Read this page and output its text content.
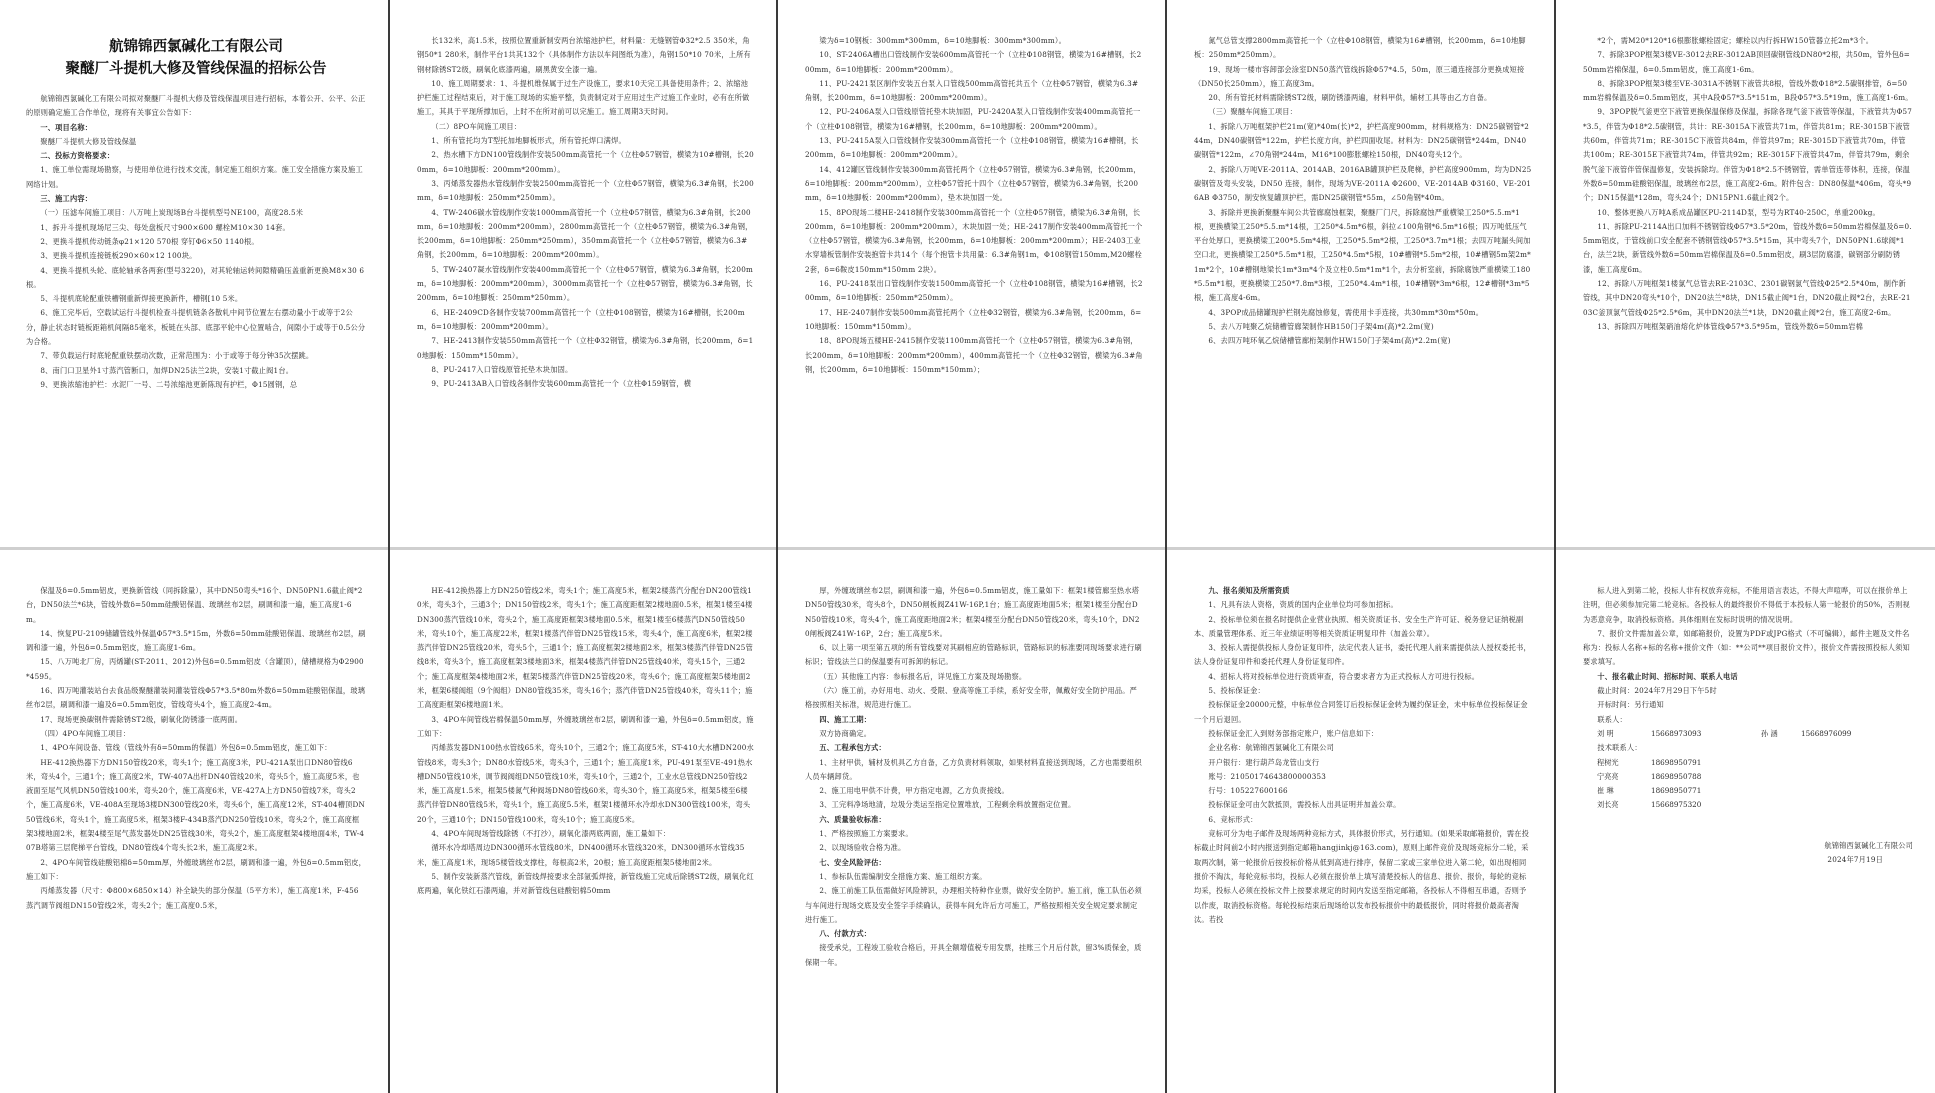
航锦锦西氯碱化工有限公司
聚醚厂斗提机大修及管线保温的招标公告

航锦锦西氯碱化工有限公司拟对聚醚厂斗提机大修及管线保温项目进行招标，本着公开、公平、公正的原则确定施工合作单位，现将有关事宜公告如下：

一、项目名称：

聚醚厂斗提机大修及管线保温

二、投标方资格要求：

1、施工单位需现场勘察，与使用单位进行技术交流，制定施工组织方案。施工安全措施方案及施工网络计划。

三、施工内容：

（一）压滤车间施工项目：八万吨上炭现场B台斗提机型号NE100，高度28.5米

1、拆升斗提机现场尼三尖、每处盘板尺寸900×600 螺栓M10×30 14套。

2、更换斗提机传动链条φ21×120 570根 穿钉Φ6×50 1140根。

3、更换斗提机连接链板290×60×12 100块。

4、更换斗提机头轮、底轮轴承各两套(型号3220)，对其轮轴运转间隙精确压盖重新更换M8×30 6根。

5、斗提机底轮配重铁槽钢重新焊接更换新件，槽钢[10 5米。

6、施工完毕后，空载试运行斗提机检查斗提机链条各散轧中间节位置左右摆动量小于或等于2公分，静止状态时链板距箱机间隔85毫米，板链在头部、底部平轮中心位置啮合，间隙小于或等于0.5公分为合格。

7、带负载运行时底轮配重铁摆动次数，正常范围为：小于或等于每分钟35次摆跳。

8、南门口卫星外1寸蒸汽管断口，加焊DN25法兰2块，安装1寸截止阀1台。

9、更换浓缩池护栏：水泥厂一号、二号浓缩池更新陈现有护栏，Φ15圆钢，总

长132米，高1.5米，按照位置重新制安两台浓缩池护栏，材料量：无缝钢管Φ32*2.5 350米，角钢50*1 280米，制作平台1共其132个（具体制作方法以车间图纸为准），角钢150*10 70米，上所有钢材除锈ST2级，刷氧化底漆两遍，刷黑黄安全漆一遍。

10、施工周期要求：1、斗提机维保属于过生产设施工，要求10天完工具备使用条件；2、浓缩池护栏施工过程结束后，对于施工现场的实施平整，负责制定对于应用过生产过施工作业时，必有在所做施工，其具于平现所撑加后，上时不在所对前可以完施工。施工周期3天时间。

（二）8PO车间施工项目：

1、所有管托均为T型托加地脚板形式，所有管托焊口满焊。

2、热水槽下方DN100管线制作安装500mm高管托一个（立柱Φ57钢管，横梁为10#槽钢，长200mm，δ=10地脚板：200mm*200mm）。

3、丙烯蒸发器热水管线制作安装2500mm高管托一个（立柱Φ57钢管，横梁为6.3#角钢，长200mm，δ=10地脚板：250mm*250mm）。

4、TW-2406碳水管线制作安装1000mm高管托一个（立柱Φ57钢管，横梁为6.3#角钢，长200mm，δ=10地脚板：200mm*200mm），2800mm高管托一个（立柱Φ57钢管，横梁为6.3#角钢，长200mm，δ=10地脚板：250mm*250mm），350mm高管托一个（立柱Φ57钢管，横梁为6.3#角钢，长200mm，δ=10地脚板：200mm*200mm）。

5、TW-2407凝水管线制作安装400mm高管托一个（立柱Φ57钢管，横梁为6.3#角钢，长200mm，δ=10地脚板：200mm*200mm），3000mm高管托一个（立柱Φ57钢管，横梁为6.3#角钢，长200mm，δ=10地脚板：250mm*250mm）。

6、HE-2409CD各制作安装700mm高管托一个（立柱Φ108钢管，横梁为16#槽钢，长200mm，δ=10地脚板：200mm*200mm）。

7、HE-2413制作安装550mm高管托一个（立柱Φ32钢管，横梁为6.3#角钢，长200mm，δ=10地脚板：150mm*150mm）。

8、PU-2417入口管线原管托垫木块加固。

9、PU-2413AB入口管线各制作安装600mm高管托一个（立柱Φ159钢管，横

梁为δ=10钢板：300mm*300mm，δ=10地脚板：300mm*300mm）。

10、ST-2406A槽出口管线制作安装600mm高管托一个（立柱Φ108钢管，横梁为16#槽钢，长200mm，δ=10地脚板：200mm*200mm）。

11、PU-2421泵区制作安装五台泵入口管线500mm高管托共五个（立柱Φ57钢管，横梁为6.3#角钢，长200mm，δ=10地脚板：200mm*200mm）。

12、PU-2406A泵入口管线原管托垫木块加固，PU-2420A泵入口管线制作安装400mm高管托一个（立柱Φ108钢管，横梁为16#槽钢，长200mm，δ=10地脚板：200mm*200mm）。

13、PU-2415A泵入口管线制作安装300mm高管托一个（立柱Φ108钢管，横梁为16#槽钢，长200mm，δ=10地脚板：200mm*200mm）。

14、412罐区管线制作安装300mm高管托两个（立柱Φ57钢管，横梁为6.3#角钢，长200mm，δ=10地脚板：200mm*200mm），立柱Φ57管托十四个（立柱Φ57钢管，横梁为6.3#角钢，长200mm，δ=10地脚板：200mm*200mm），垫木块加固一处。

15、8PO现场二楼HE-2418制作安装300mm高管托一个（立柱Φ57钢管，横梁为6.3#角钢，长200mm，δ=10地脚板：200mm*200mm），木块加固一处；HE-2417制作安装400mm高管托一个（立柱Φ57钢管，横梁为6.3#角钢，长200mm，δ=10地脚板：200mm*200mm）；HE-2403工业水穿墙板管制作安装抱管卡共14个（每个抱管卡共用量：6.3#角钢1m，Φ108钢管150mm,M20螺栓2套，δ=6鞍皮150mm*150mm 2块）。

16、PU-2418泵出口管线制作安装1500mm高管托一个（立柱Φ108钢管，横梁为16#槽钢，长200mm，δ=10地脚板：250mm*250mm）。

17、HE-2407制作安装500mm高管托两个（立柱Φ32钢管，横梁为6.3#角钢，长200mm，δ=10地脚板：150mm*150mm）。

18、8PO现场五楼HE-2415制作安装1100mm高管托一个（立柱Φ57钢管，横梁为6.3#角钢，长200mm，δ=10地脚板：200mm*200mm），400mm高管托一个（立柱Φ32钢管，横梁为6.3#角钢，长200mm，δ=10地脚板：150mm*150mm）；

氮气总管支撑2800mm高管托一个（立柱Φ108钢管，横梁为16#槽钢，长200mm，δ=10地脚板：250mm*250mm）。

19、现场一楼市容卸部会涂室DN50蒸汽管线拆除Φ57*4.5，50m，原三通连接部分更换成短接（DN50长250mm），施工高度3m。

20、所有管托材料需除锈ST2级，刷防锈漆两遍，材料甲供，辅材工具等由乙方自备。

（三）聚醚车间施工项目：

1、拆除八万吨框架护栏21m(宽)*40m(长)*2，护栏高度900mm，材料规格为：DN25碳钢管*244m，DN40碳钢管*122m，护栏长度方向，护栏四面收尾。材料为：DN25碳钢管*244m，DN40碳钢管*122m，∠70角钢*244m，M16*100膨胀螺栓150根，DN40弯头12个。

2、拆除八万吨VE-2011A、2014AB、2016AB罐顶护栏及爬梯，护栏高度900mm，均为DN25碳钢管及弯头安装，DN50 连接，制作，现场为VE-2011A Φ2600、VE-2014AB Φ3160、VE-2016AB Φ3750，制安恢复罐顶护栏，需DN25碳钢管*55m，∠50角钢*40m。

3、拆除并更换新聚醚车间公共管廊腐蚀框架，聚醚厂门尺，拆除腐蚀严重横梁工250*5.5.m*1根，更换横梁工250*5.5.m*14根，工250*4.5m*6根，斜拉∠100角钢*6.5m*16根；四万吨低压气平台处厚口，更换横梁工200*5.5m*4根，工250*5.5m*2根，工250*3.7m*1根；去四万吨漏头间加空口北，更换横梁工250*5.5m*1根，工250*4.5m*5根，10#槽钢*5.5m*2根，10#槽钢5m架2m*1m*2个，10#槽钢地梁长1m*3m*4个及立柱0.5m*1m*1个，去分析室前，拆除腐蚀严重横梁工180*5.5m*1根，更换横梁工250*7.8m*3根，工250*4.4m*1根，10#槽钢*3m*6根，12#槽钢*3m*5根，施工高度4-6m。

4、3POP成品储罐现护栏钢先腐蚀修复，需使用卡手连接，共30mm*30m*50m。

5、去八万吨聚乙烷储槽管廊架制作HB150门子架4m(高)*2.2m(宽)

6、去四万吨环氧乙烷储槽管廊桁架制作HW150门子架4m(高)*2.2m(宽)

*2个，需M20*120*16根膨胀螺栓固定；螺栓以内行拆HW150管器立托2m*3个。

7、拆除3POP框架3楼VE-3012去RE-3012AB顶回碳钢管线DN80*2根，共50m，管外包δ=50mm岩棉保温，δ=0.5mm铝皮，施工高度1-6m。

8、拆除3POP框架3楼至VE-3031A不锈钢下液管共8根，管线外数Φ18*2.5碳钢排管，δ=50mm岩棉保温及δ=0.5mm铝皮，其中A段Φ57*3.5*151m，B段Φ57*3.5*19m，施工高度1-6m。

9、3POP脱气釜更空下液管更换保温保修及保温，拆除各现气釜下液管等保温，下液管共为Φ57*3.5，伴管为Φ18*2.5碳钢管，共计：RE-3015A下液管共71m，伴管共81m；RE-3015B下液管共60m，伴管共71m；RE-3015C下液管共84m，伴管共97m；RE-3015D下液管共70m，伴管共100m；RE-3015E下液管共74m，伴管共92m；RE-3015F下液管共47m，伴管共79m，剩余脱气釜下液管伴管保温修复，安装拆除均。伴管为Φ18*2.5不锈钢管，需单管连带体积，连接，保温外数δ=50mm硅酸铝保温，玻璃丝布2层，施工高度2-6m。附件包含：DN80保温*406m，弯头*9个；DN15保温*128m，弯头24个；DN15PN1.6截止阀2个。

10、整体更换八万吨A系成品罐区PU-2114D泵，型号为RT40-250C，单重200kg。

11、拆除PU-2114A出口加料不锈钢管线Φ57*3.5*20m，管线外数δ=50mm岩棉保温及δ=0.5mm铝皮，于管线前口安全配套不锈钢管线Φ57*3.5*15m，其中弯头7个，DN50PN1.6球阀*1台，法兰2块，新管线外数δ=50mm岩棉保温及δ=0.5mm铝皮，刷3层防腐漆，碳钢部分刷防锈漆，施工高度6m。

12、拆除八万吨框架1楼氯气总管去RE-2103C、2301碳钢氯气管线Φ25*2.5*40m，制作新管线，其中DN20弯头*10个，DN20法兰*8块，DN15截止阀*1台，DN20截止阀*2台，去RE-2103C釜顶氯气管线Φ25*2.5*6m，其中DN20法兰*1块，DN20截止阀*2台，施工高度2-6m。

13、拆除四万吨框架硝油熔化炉体管线Φ57*3.5*95m，管线外数δ=50mm岩棉

保温及δ=0.5mm铝皮，更换新管线（同拆除量），其中DN50弯头*16个、DN50PN1.6截止阀*2台，DN50法兰*6块，管线外数δ=50mm硅酸铝保温、玻璃丝布2层，刷调和漆一遍，施工高度1-6m。

14、恢复PU-2109储罐管线外保温Φ57*3.5*15m，外数δ=50mm硅酸铝保温、玻璃丝布2层，刷调和漆一遍，外包δ=0.5mm铝皮，施工高度1-6m。

15、八万吨北厂房，丙烯罐(ST-2011、2012)外包δ=0.5mm铝皮（含罐顶），储槽规格为Φ2900*4595。

16、四万吨灌装站台去食品级聚醚灌装间灌装管线Φ57*3.5*80m外数δ=50mm硅酸铝保温，玻璃丝布2层，刷调和漆一遍及δ=0.5mm铝皮，管线弯头4个，施工高度2-4m。

17、现场更换碳钢件需除锈ST2级，刷氧化防锈漆一底两面。

（四）4PO车间施工项目：

1、4PO车间设备、管线（管线外有δ=50mm的保温）外包δ=0.5mm铝皮，施工如下：

HE-412换热器下方DN150管线20米，弯头1个；施工高度3米，PU-421A泵出口DN80管线6米，弯头4个，三通1个；施工高度2米，TW-407A出杆DN40管线20米，弯头5个，施工高度5米，也液面至尾气风机DN50管线100米，弯头20个，施工高度6米，VE-427A上方DN50管线7米，弯头2个，施工高度6米，VE-408A至现场3楼DN300管线20米，弯头6个，施工高度12米，ST-404槽顶DN50管线6米，弯头1个，施工高度5米，框架3楼F-434B蒸汽DN250管线10米，弯头2个，施工高度框架3楼地面2米，框架4楼至尾气蒸发器处DN25管线30米，弯头2个，施工高度框架4楼地面4米，TW-407B塔第三层爬梯平台管线，DN80管线4个弯头长2米，施工高度2米。

2、4PO车间管线硅酸铝棉δ=50mm厚，外缠玻璃丝布2层，刷调和漆一遍，外包δ=0.5mm铝皮，施工如下：

丙烯蒸发器（尺寸：Φ800×6850×14）补全缺失的部分保温（5平方米），施工高度1米，F-456蒸汽调节阀组DN150管线2米，弯头2个；施工高度0.5米，

HE-412换热器上方DN250管线2米，弯头1个；施工高度5米，框架2楼蒸汽分配台DN200管线10米，弯头3个，三通3个；DN150管线2米，弯头1个；施工高度距框架2楼地面0.5米，框架1楼至4楼DN300蒸汽管线10米，弯头2个，施工高度距框架3楼地面0.5米，框架1楼至6楼蒸汽DN50管线50米，弯头10个，施工高度22米，框架1楼蒸汽伴管DN25管线15米，弯头4个，施工高度6米，框架2楼蒸汽伴管DN25管线20米，弯头5个，三通1个；施工高度框架2楼地面2米，框架3楼蒸汽伴管DN25管线8米，弯头3个，施工高度框架3楼地面3米，框架4楼蒸汽伴管DN25管线40米，弯头15个，三通2个；施工高度框架4楼地面2米，框架5楼蒸汽伴管DN25管线20米，弯头6个；施工高度框架5楼地面2米，框架6楼阀组（9个阀组）DN80管线35米，弯头16个；蒸汽伴管DN25管线40米，弯头11个；施工高度距框架6楼地面1米。

3、4PO车间管线岩棉保温50mm厚，外缠玻璃丝布2层，刷调和漆一遍，外包δ=0.5mm铝皮，施工如下：

丙烯蒸发器DN100热水管线65米，弯头10个，三通2个；施工高度5米，ST-410大水槽DN200水管线8米，弯头3个；DN80水管线5米，弯头3个，三通1个；施工高度1米，PU-491泵至VE-491热水槽DN50管线10米，调节阀阀组DN50管线10米，弯头10个，三通2个，工业水总管线DN250管线2米，施工高度1.5米，框架5楼氮气种阀场DN80管线60米，弯头30个，施工高度5米，框架5楼至6楼蒸汽伴管DN80管线5米，弯头1个，施工高度5.5米，框架1楼循环水冷却水DN300管线100米，弯头20个，三通10个；DN150管线100米，弯头10个；施工高度5米。

4、4PO车间现场管线除锈（不打沙），刷氧化漆两底两面，施工量如下：

循环水冷却塔周边DN300循环水管线80米，DN400循环水管线320米，DN300循环水管线35米，施工高度1米，现场5楼管线支撑柱，每根高2米，20根；施工高度距框架5楼地面2米。

5、制作安装新蒸汽管线，新管线焊接要求全部氩弧焊接，新管线施工完成后除锈ST2级，刷氧化红底两遍，氧化铁红石漆两遍，并对新管线包硅酸铝棉50mm

厚，外缠玻璃丝布2层，刷调和漆一遍，外包δ=0.5mm铝皮，施工量如下：框架1楼管廊至热水塔DN50管线30米，弯头8个，DN50闸板阀Z41W-16P,1台；施工高度距地面5米；框架1楼至分配台DN50管线10米，弯头4个，施工高度距地面2米；框架4楼至分配台DN50管线20米，弯头10个，DN20闸板阀Z41W-16P，2台；施工高度5米。

6、以上第一项至第五项的所有管线要对其刷相应的管路标识，管路标识的标准要同现场要求进行刷标识；管线法兰口的保温要有可拆卸的标记。

（五）其他施工内容：参标报名后，详见施工方案及现场勘察。

（六）施工前，办好用电、动火、受限、登高等施工手续，系好安全带，佩戴好安全防护用品。严格按照相关标准，规范进行施工。

四、施工工期：

双方协商确定。

五、工程承包方式：

1、主材甲供，辅材及机具乙方自备，乙方负责材料领取，如果材料直接送到现场，乙方也需要组织人员车辆卸货。

2、施工用电甲供不计费，甲方指定电源，乙方负责接线。

3、工完料净场地清，垃圾分类运至指定位置堆放，工程剩余料放置指定位置。

六、质量验收标准：

1、严格按照施工方案要求。

2、以现场验收合格为准。

七、安全风险评估：

1、参标队伍需编制安全措施方案、施工组织方案。

2、施工前施工队伍需做好风险辨识，办理相关特种作业票，做好安全防护。施工前，施工队伍必须与车间进行现场交底及安全签字手续确认，获得车间允许后方可施工，严格按照相关安全规定要求制定进行施工。

八、付款方式：

接受承兑，工程竣工验收合格后，开具全额增值税专用发票，挂账三个月后付款，留3%质保金，质保期一年。

九、报名须知及所需资质

1、凡具有法人资格，资质的国内企业单位均可参加招标。

2、投标单位须在报名时提供企业营业执照、相关资质证书、安全生产许可证、税务登记证纳税副本、质量管理体系、近三年业绩证明等相关资质证明复印件（加盖公章）。

3、投标人需提供投标人身份证复印件，法定代表人证书，委托代理人前来需提供法人授权委托书，法人身份证复印件和委托代理人身份证复印件。

4、招标人将对投标单位进行资质审查，符合要求者方为正式投标人方可进行投标。

5、投标保证金：

投标保证金20000元整，中标单位合同签订后投标保证金转为履约保证金，未中标单位投标保证金一个月后退回。

投标保证金汇入到财务部指定账户，账户信息如下：

企业名称：航锦锦西氯碱化工有限公司

开户银行：建行葫芦岛龙管山支行

账号：21050174643800000353

行号：105227600166

投标保证金可由欠款抵顶，需投标人出具证明并加盖公章。

6、竞标形式：

竞标可分为电子邮件及现场两种竞标方式，具体报价形式，另行通知。(如果采取邮箱报价，需在投标截止时间前2小时内报送到指定邮箱hangjinkj@163.com)，原则上邮件竞价及现场竞标分二轮，采取两次制，第一轮报价后按投标价格从低到高进行排序，保留二家或三家单位进入第二轮，如出现相同报价不淘汰，每轮竞标书均，投标人必须在报价单上填写清楚投标人的信息、报价、报价，每轮的竞标均采，投标人必须在投标文件上按要求规定的时间内发送至指定邮箱，各投标人不得相互串通，否则予以作废，取消投标资格。每轮投标结束后现场给以发布投标报价中的最低报价，同时将报价最高者淘汰。若投

标人进入到第二轮，投标人非有权放弃竞标，不能用语言表达，不得大声喧哗，可以在报价单上注明，但必须参加完第二轮竞标。各投标人的最终报价不得低于本投标人第一轮报价的50%，否则视为恶意竞争，取消投标资格。具体细则在发标时说明的情况说明。

7、报价文件需加盖公章，如邮箱报价，设置为PDF或JPG格式（不可编辑），邮件主题及文件名称为：投标人名称+标的名称+报价文件（如：**公司**项目报价文件），报价文件需按照投标人须知要求填写。

十、报名截止时间、招标时间、联系人电话

截止时间：2024年7月29日下午5时

开标时间：另行通知

联系人：

刘 明	15668973093	孙 涵	15668976099

技术联系人：

程树光	18698950791
宁亮亮	18698950788
崔 琳	18698950771
刘长亮	15668975320

航锦锦西氯碱化工有限公司

2024年7月19日
